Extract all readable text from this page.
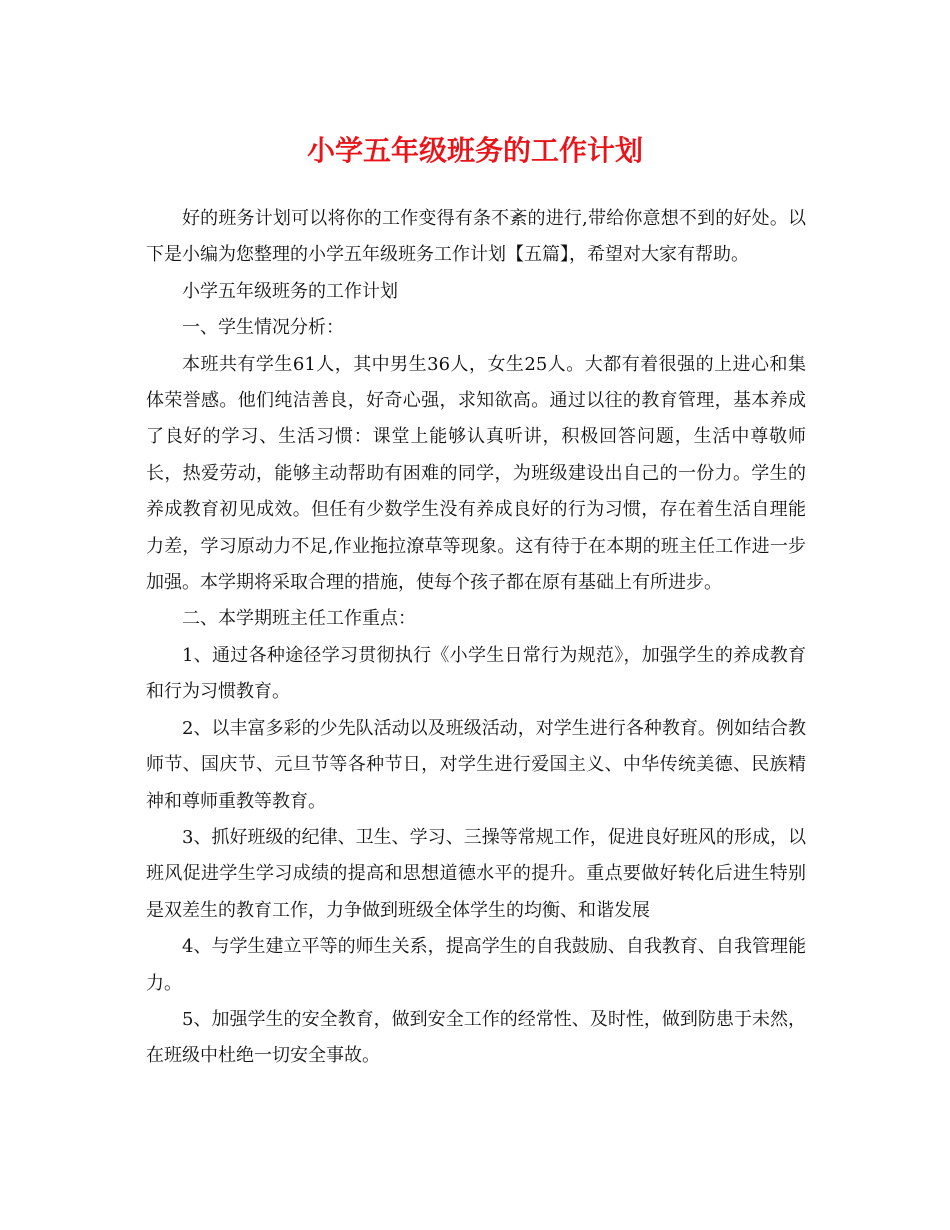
小学五年级班务的工作计划

好的班务计划可以将你的工作变得有条不紊的进行,带给你意想不到的好处。以下是小编为您整理的小学五年级班务工作计划【五篇】，希望对大家有帮助。

小学五年级班务的工作计划

一、学生情况分析：

本班共有学生61人，其中男生36人，女生25人。大都有着很强的上进心和集体荣誉感。他们纯洁善良，好奇心强，求知欲高。通过以往的教育管理，基本养成了良好的学习、生活习惯：课堂上能够认真听讲，积极回答问题，生活中尊敬师长，热爱劳动，能够主动帮助有困难的同学，为班级建设出自己的一份力。学生的养成教育初见成效。但任有少数学生没有养成良好的行为习惯，存在着生活自理能力差，学习原动力不足,作业拖拉潦草等现象。这有待于在本期的班主任工作进一步加强。本学期将采取合理的措施，使每个孩子都在原有基础上有所进步。

二、本学期班主任工作重点：

1、通过各种途径学习贯彻执行《小学生日常行为规范》，加强学生的养成教育和行为习惯教育。

2、以丰富多彩的少先队活动以及班级活动，对学生进行各种教育。例如结合教师节、国庆节、元旦节等各种节日，对学生进行爱国主义、中华传统美德、民族精神和尊师重教等教育。

3、抓好班级的纪律、卫生、学习、三操等常规工作，促进良好班风的形成，以班风促进学生学习成绩的提高和思想道德水平的提升。重点要做好转化后进生特别是双差生的教育工作，力争做到班级全体学生的均衡、和谐发展

4、与学生建立平等的师生关系，提高学生的自我鼓励、自我教育、自我管理能力。

5、加强学生的安全教育，做到安全工作的经常性、及时性，做到防患于未然，在班级中杜绝一切安全事故。
